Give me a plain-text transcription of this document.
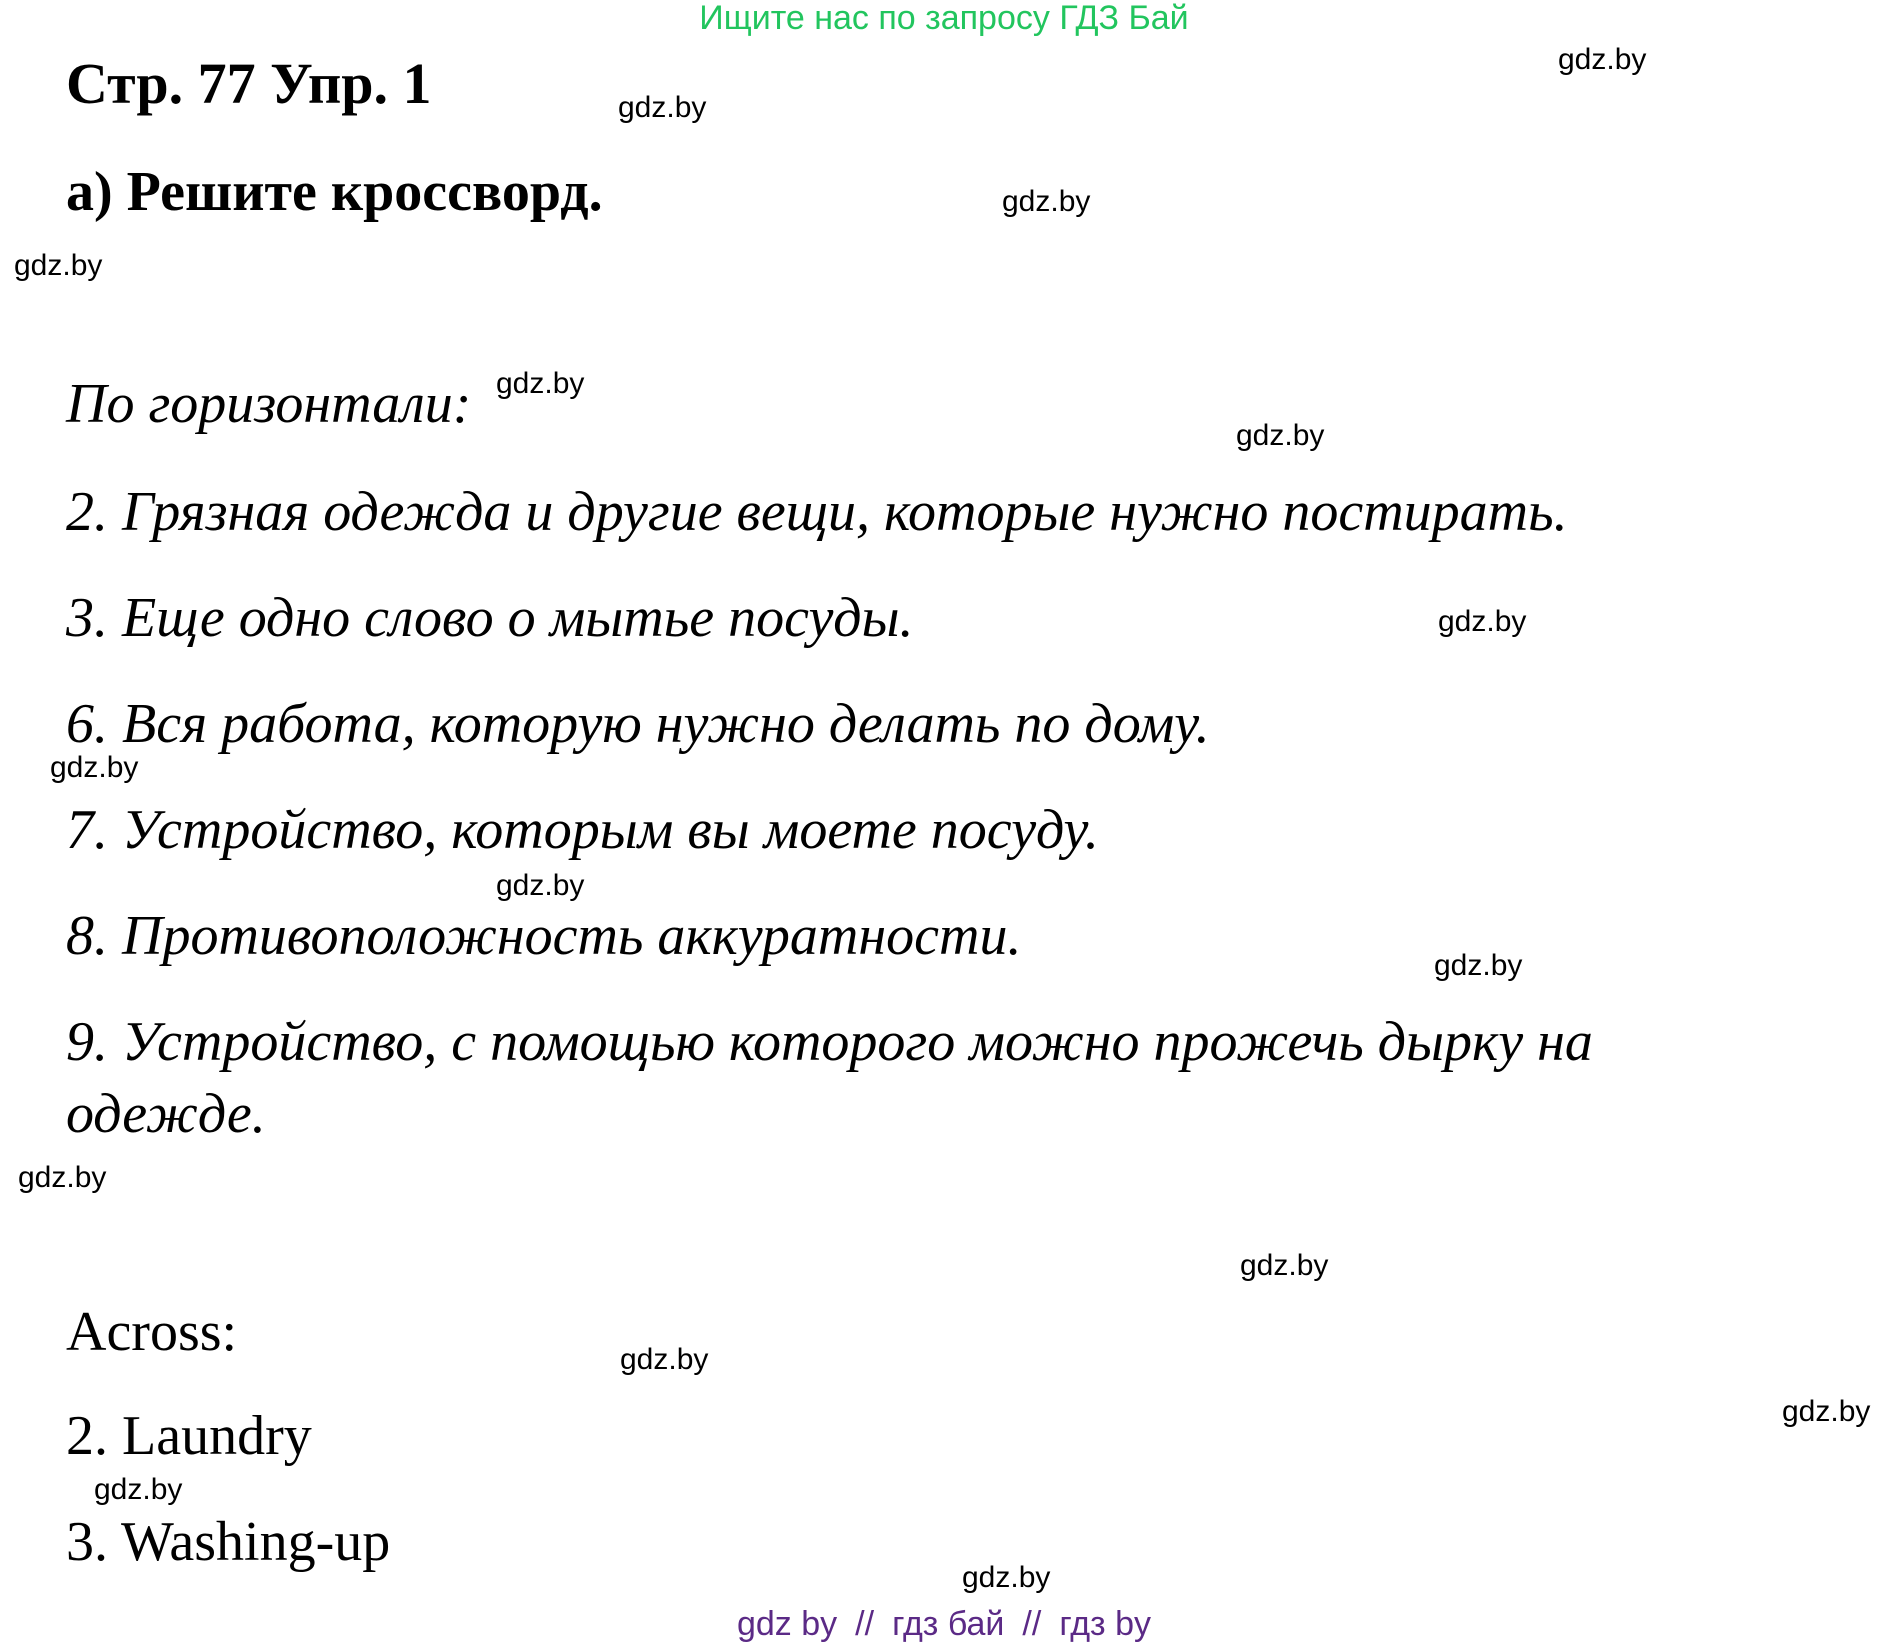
Ищите нас по запросу ГДЗ Бай
Стр. 77 Упр. 1
а) Решите кроссворд.
По горизонтали:
2. Грязная одежда и другие вещи, которые нужно постирать.
3. Еще одно слово о мытье посуды.
6. Вся работа, которую нужно делать по дому.
7. Устройство, которым вы моете посуду.
8. Противоположность аккуратности.
9. Устройство, с помощью которого можно прожечь дырку на одежде.
Across:
2. Laundry
3. Washing-up
gdz.by
gdz.by
gdz.by
gdz.by
gdz.by
gdz.by
gdz.by
gdz.by
gdz.by
gdz.by
gdz.by
gdz.by
gdz.by
gdz.by
gdz.by
gdz.by
gdz by // гдз бай // гдз by
